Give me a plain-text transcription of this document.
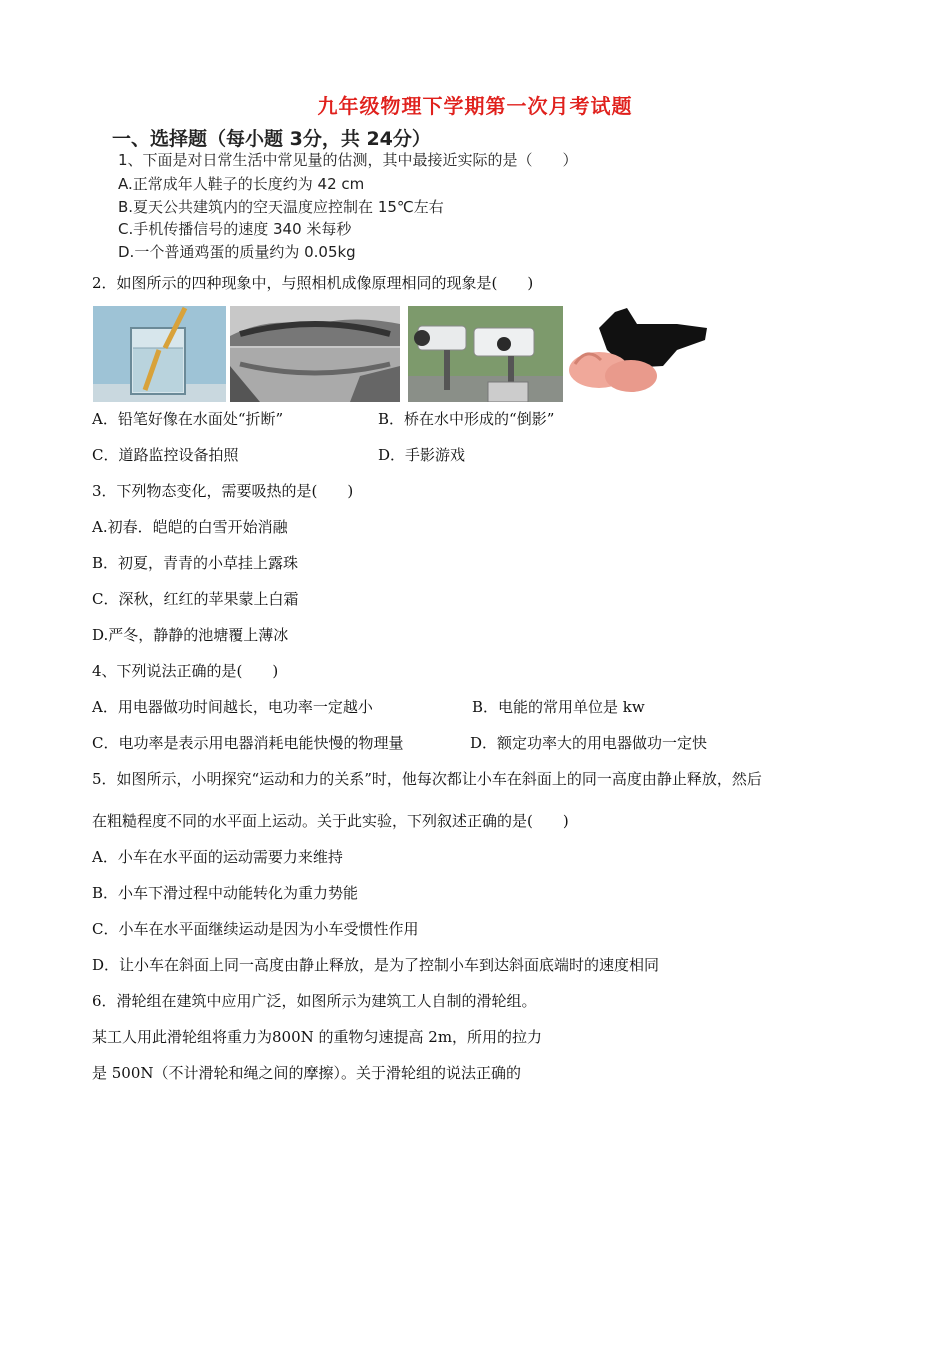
九年级物理下学期第一次月考试题
一、选择题（每小题 3分，共 24分）
1、下面是对日常生活中常见量的估测，其中最接近实际的是（　　）
A.正常成年人鞋子的长度约为 42 cm
B.夏天公共建筑内的空天温度应控制在 15℃左右
C.手机传播信号的速度 340 米每秒
D.一个普通鸡蛋的质量约为 0.05kg
2．如图所示的四种现象中，与照相机成像原理相同的现象是(　　)
A．铅笔好像在水面处“折断”	B．桥在水中形成的“倒影”
C．道路监控设备拍照	D．手影游戏
3．下列物态变化，需要吸热的是(　　)
A.初春．皑皑的白雪开始消融
B．初夏，青青的小草挂上露珠
C．深秋，红红的苹果蒙上白霜
D.严冬，静静的池塘覆上薄冰
4、下列说法正确的是(　　)
A．用电器做功时间越长，电功率一定越小	B．电能的常用单位是 kw
C．电功率是表示用电器消耗电能快慢的物理量	D．额定功率大的用电器做功一定快
5．如图所示，小明探究“运动和力的关系”时，他每次都让小车在斜面上的同一高度由静止释放，然后
在粗糙程度不同的水平面上运动。关于此实验，下列叙述正确的是(　　)
A．小车在水平面的运动需要力来维持
B．小车下滑过程中动能转化为重力势能
C．小车在水平面继续运动是因为小车受惯性作用
D．让小车在斜面上同一高度由静止释放，是为了控制小车到达斜面底端时的速度相同
6．滑轮组在建筑中应用广泛，如图所示为建筑工人自制的滑轮组。
某工人用此滑轮组将重力为800N 的重物匀速提高 2m，所用的拉力
是 500N（不计滑轮和绳之间的摩擦）。关于滑轮组的说法正确的
